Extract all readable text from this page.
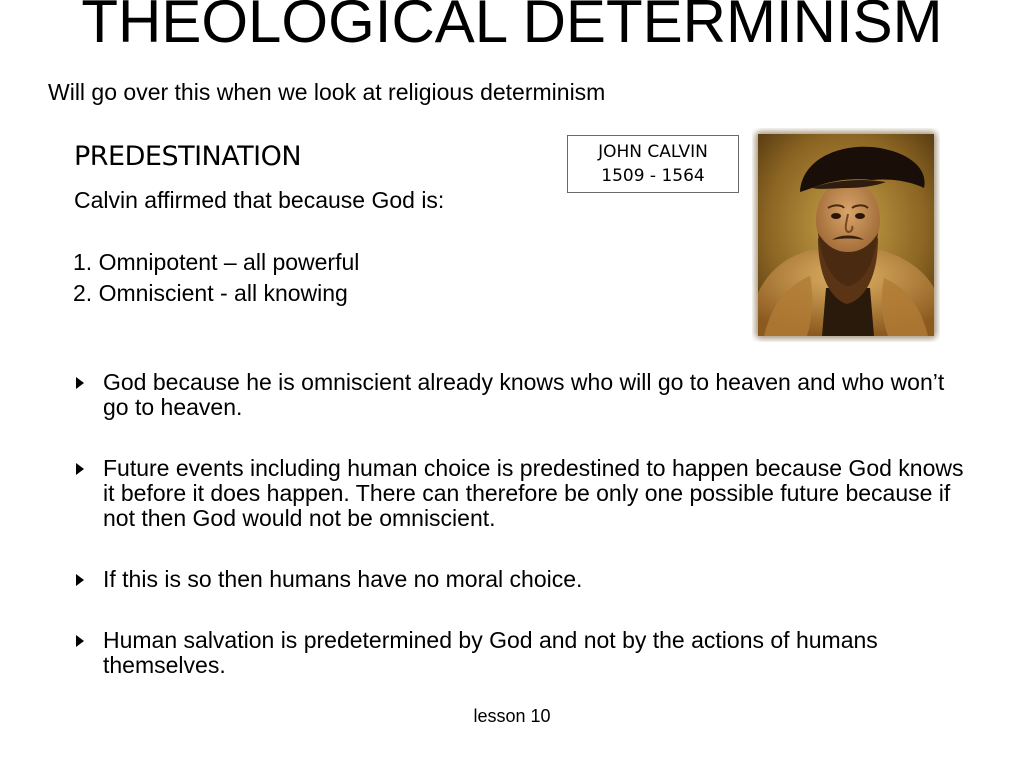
THEOLOGICAL DETERMINISM
Will go over this when we look at religious determinism
PREDESTINATION
Calvin affirmed that because God is:
1. Omnipotent – all powerful
2. Omniscient - all knowing
JOHN CALVIN
1509 - 1564
God because he is omniscient already knows who will go to heaven and who won’t go to heaven.
Future events including human choice is predestined to happen because God knows it before it does happen. There can therefore be only one possible future because if not then God would not be omniscient.
If this is so then humans have no moral choice.
Human salvation is predetermined by God and not by the actions of humans themselves.
lesson 10
